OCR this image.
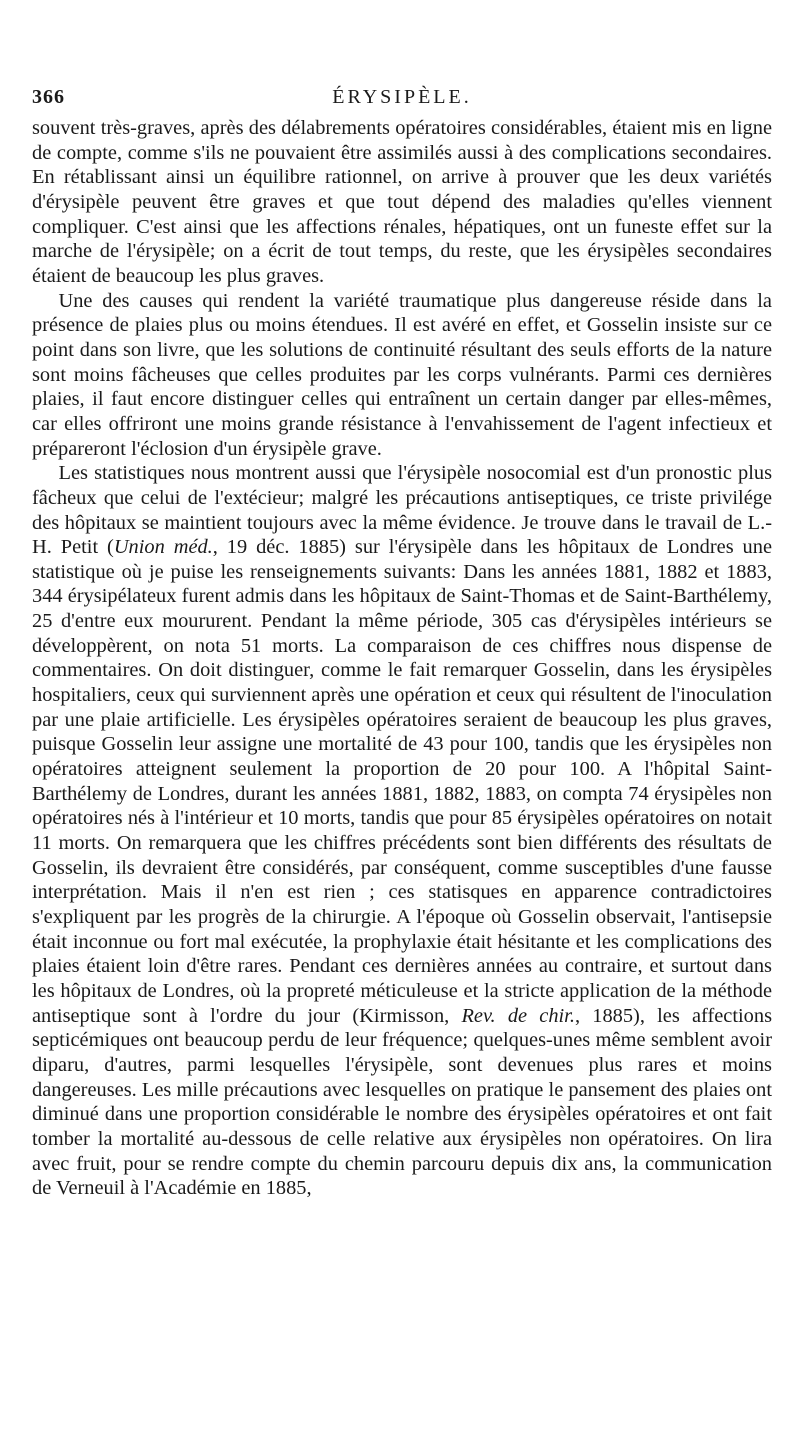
366	ÉRYSIPÈLE.

souvent très-graves, après des délabrements opératoires considérables, étaient mis en ligne de compte, comme s'ils ne pouvaient être assimilés aussi à des complications secondaires. En rétablissant ainsi un équilibre rationnel, on arrive à prouver que les deux variétés d'érysipèle peuvent être graves et que tout dépend des maladies qu'elles viennent compliquer. C'est ainsi que les affections rénales, hépatiques, ont un funeste effet sur la marche de l'érysipèle; on a écrit de tout temps, du reste, que les érysipèles secondaires étaient de beaucoup les plus graves.

Une des causes qui rendent la variété traumatique plus dangereuse réside dans la présence de plaies plus ou moins étendues. Il est avéré en effet, et Gosselin insiste sur ce point dans son livre, que les solutions de continuité résultant des seuls efforts de la nature sont moins fâcheuses que celles produites par les corps vulnérants. Parmi ces dernières plaies, il faut encore distinguer celles qui entraînent un certain danger par elles-mêmes, car elles offriront une moins grande résistance à l'envahissement de l'agent infectieux et prépareront l'éclosion d'un érysipèle grave.

Les statistiques nous montrent aussi que l'érysipèle nosocomial est d'un pronostic plus fâcheux que celui de l'extécieur; malgré les précautions antiseptiques, ce triste privilége des hôpitaux se maintient toujours avec la même évidence. Je trouve dans le travail de L.-H. Petit (Union méd., 19 déc. 1885) sur l'érysipèle dans les hôpitaux de Londres une statistique où je puise les renseignements suivants: Dans les années 1881, 1882 et 1883, 344 érysipélateux furent admis dans les hôpitaux de Saint-Thomas et de Saint-Barthélemy, 25 d'entre eux moururent. Pendant la même période, 305 cas d'érysipèles intérieurs se développèrent, on nota 51 morts. La comparaison de ces chiffres nous dispense de commentaires. On doit distinguer, comme le fait remarquer Gosselin, dans les érysipèles hospitaliers, ceux qui surviennent après une opération et ceux qui résultent de l'inoculation par une plaie artificielle. Les érysipèles opératoires seraient de beaucoup les plus graves, puisque Gosselin leur assigne une mortalité de 43 pour 100, tandis que les érysipèles non opératoires atteignent seulement la proportion de 20 pour 100. A l'hôpital Saint-Barthélemy de Londres, durant les années 1881, 1882, 1883, on compta 74 érysipèles non opératoires nés à l'intérieur et 10 morts, tandis que pour 85 érysipèles opératoires on notait 11 morts. On remarquera que les chiffres précédents sont bien différents des résultats de Gosselin, ils devraient être considérés, par conséquent, comme susceptibles d'une fausse interprétation. Mais il n'en est rien ; ces statisques en apparence contradictoires s'expliquent par les progrès de la chirurgie. A l'époque où Gosselin observait, l'antisepsie était inconnue ou fort mal exécutée, la prophylaxie était hésitante et les complications des plaies étaient loin d'être rares. Pendant ces dernières années au contraire, et surtout dans les hôpitaux de Londres, où la propreté méticuleuse et la stricte application de la méthode antiseptique sont à l'ordre du jour (Kirmisson, Rev. de chir., 1885), les affections septicémiques ont beaucoup perdu de leur fréquence; quelques-unes même semblent avoir diparu, d'autres, parmi lesquelles l'érysipèle, sont devenues plus rares et moins dangereuses. Les mille précautions avec lesquelles on pratique le pansement des plaies ont diminué dans une proportion considérable le nombre des érysipèles opératoires et ont fait tomber la mortalité au-dessous de celle relative aux érysipèles non opératoires. On lira avec fruit, pour se rendre compte du chemin parcouru depuis dix ans, la communication de Verneuil à l'Académie en 1885,
